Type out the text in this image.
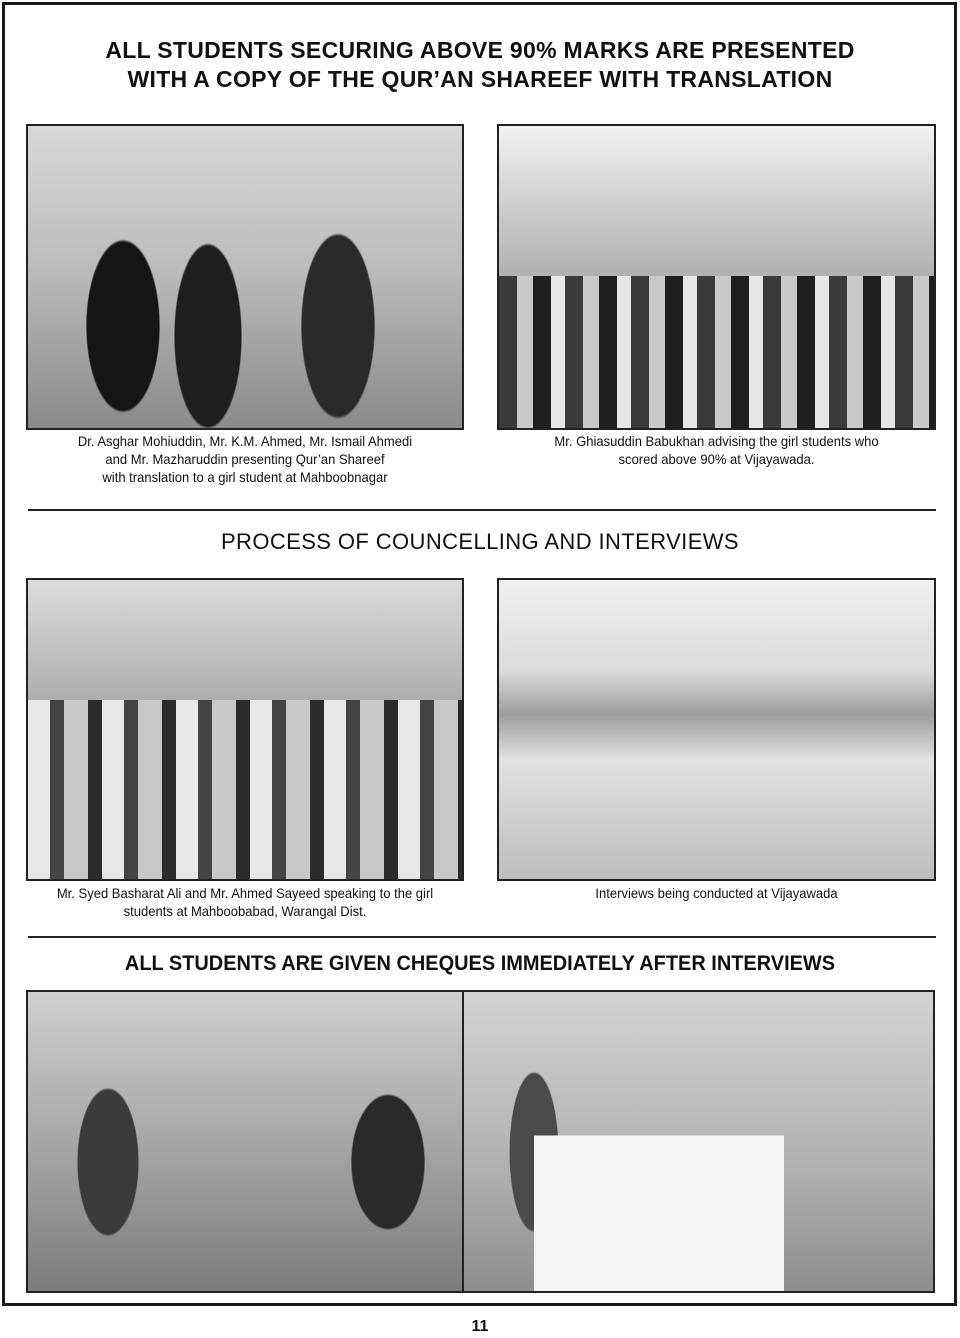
ALL STUDENTS SECURING ABOVE 90% MARKS ARE PRESENTED
WITH A COPY OF THE QUR’AN SHAREEF WITH TRANSLATION
Dr. Asghar Mohiuddin, Mr. K.M. Ahmed, Mr. Ismail Ahmedi
and Mr. Mazharuddin presenting Qur’an Shareef
with translation to a girl student at Mahboobnagar
Mr. Ghiasuddin Babukhan advising the girl students who
scored above 90% at Vijayawada.
PROCESS OF COUNCELLING AND INTERVIEWS
Mr. Syed Basharat Ali and Mr. Ahmed Sayeed speaking to the girl
students at Mahboobabad, Warangal Dist.
Interviews being conducted at Vijayawada
ALL STUDENTS ARE GIVEN CHEQUES IMMEDIATELY AFTER INTERVIEWS
11
